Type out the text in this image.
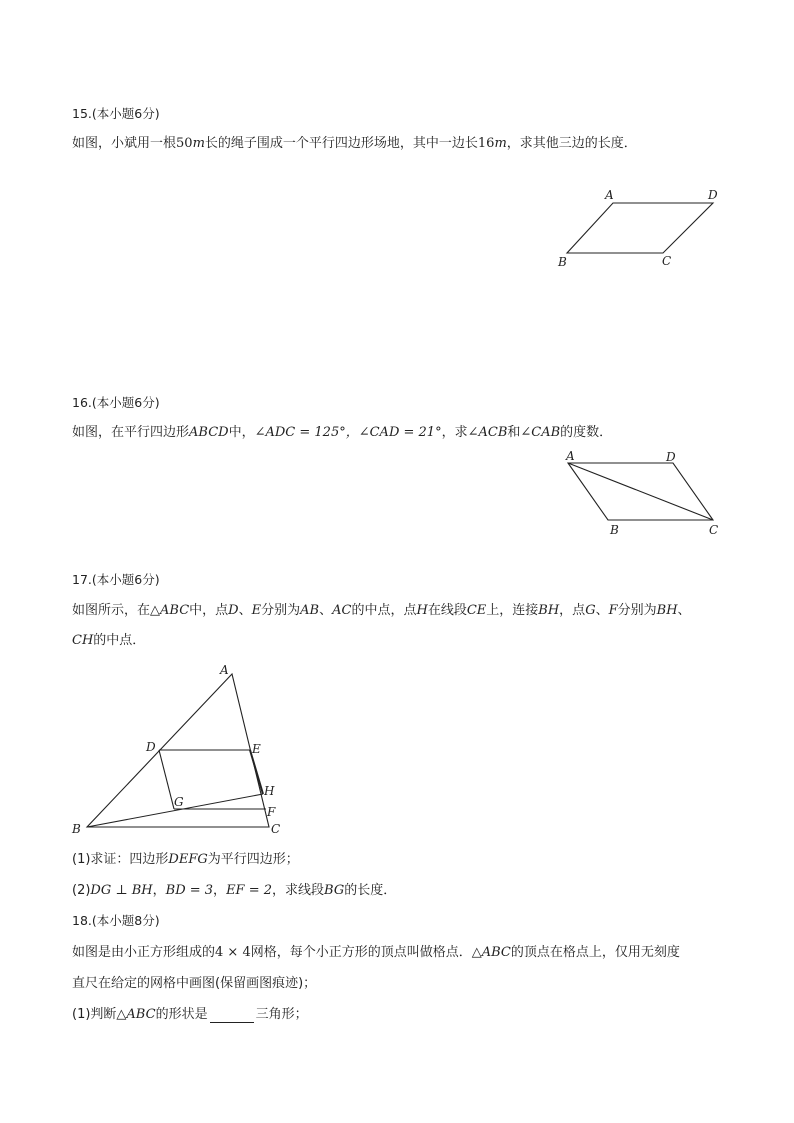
15.(本小题6分)

如图，小斌用一根50m长的绳子围成一个平行四边形场地，其中一边长16m，求其他三边的长度．

A	D
B	C

16.(本小题6分)

如图，在平行四边形ABCD中，∠ADC = 125°，∠CAD = 21°，求∠ACB和∠CAB的度数．

A	D
B	C

17.(本小题6分)

如图所示，在△ABC中，点D、E分别为AB、AC的中点，点H在线段CE上，连接BH，点G、F分别为BH、

CH的中点．

A
D	E
H
G
F
B	C

(1)求证：四边形DEFG为平行四边形；

(2)DG ⊥ BH，BD = 3，EF = 2，求线段BG的长度．

18.(本小题8分)

如图是由小正方形组成的4 × 4网格，每个小正方形的顶点叫做格点．△ABC的顶点在格点上，仅用无刻度

直尺在给定的网格中画图(保留画图痕迹)；

(1)判断△ABC的形状是	三角形；
